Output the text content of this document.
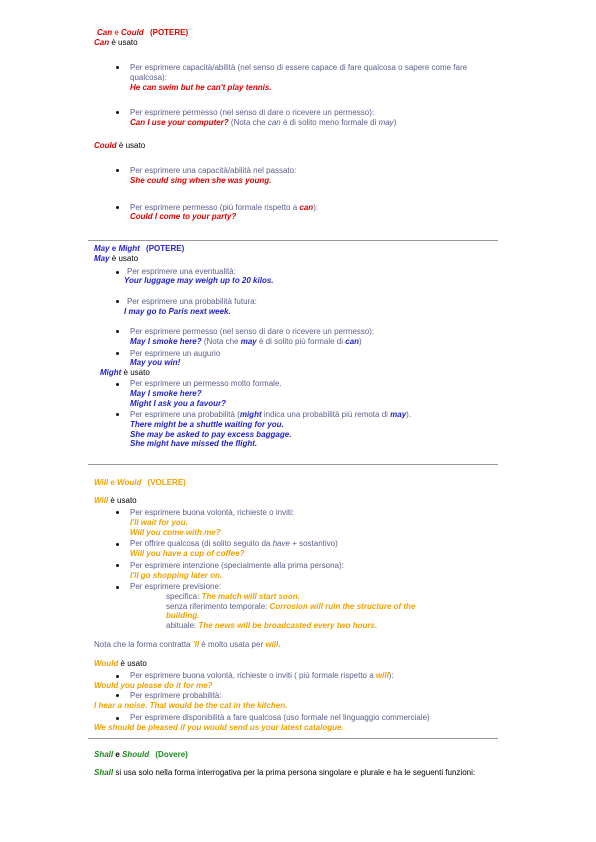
Can e Could (POTERE)
Can è usato
Per esprimere capacità/abilità (nel senso di essere capace di fare qualcosa o sapere come fare
qualcosa):
He can swim but he can't play tennis.
Per esprimere permesso (nel senso di dare o ricevere un permesso):
Can I use your computer? (Nota che can è di solito meno formale di may)
Could è usato
Per esprimere una capacità/abilità nel passato:
She could sing when she was young.
Per esprimere permesso (più formale rispetto a can):
Could I come to your party?
May e Might (POTERE)
May è usato
Per esprimere una eventualità:
Your luggage may weigh up to 20 kilos.
Per esprimere una probabilità futura:
I may go to Paris next week.
Per esprimere permesso (nel senso di dare o ricevere un permesso):
May I smoke here? (Nota che may è di solito più formale di can)
Per esprimere un augurio
May you win!
Might è usato
Per esprimere un permesso molto formale.
May I smoke here?
Might I ask you a favour?
Per esprimere una probabilità (might indica una probabilità più remota di may).
There might be a shuttle waiting for you.
She may be asked to pay excess baggage.
She might have missed the flight.
Will e Would (VOLERE)
Will è usato
Per esprimere buona volontà, richieste o inviti:
I'll wait for you.
Will you come with me?
Per offrire qualcosa (di solito seguito da have + sostantivo)
Will you have a cup of coffee?
Per esprimere intenzione (specialmente alla prima persona):
I'll go shopping later on.
Per esprimere previsione:
specifica: The match will start soon.
senza riferimento temporale: Corrosion will ruin the structure of the
building.
abituale: The news will be broadcasted every two hours.
Nota che la forma contratta 'll è molto usata per will.
Would è usato
Per esprimere buona volontà, richieste o inviti ( più formale rispetto a will):
Would you please do it for me?
Per esprimere probabilità:
I hear a noise. That would be the cat in the kitchen.
Per esprimere disponibilità a fare qualcosa (uso formale nel linguaggio commerciale)
We should be pleased if you would send us your latest catalogue.
Shall e Should (Dovere)
Shall si usa solo nella forma interrogativa per la prima persona singolare e plurale e ha le seguenti funzioni:
